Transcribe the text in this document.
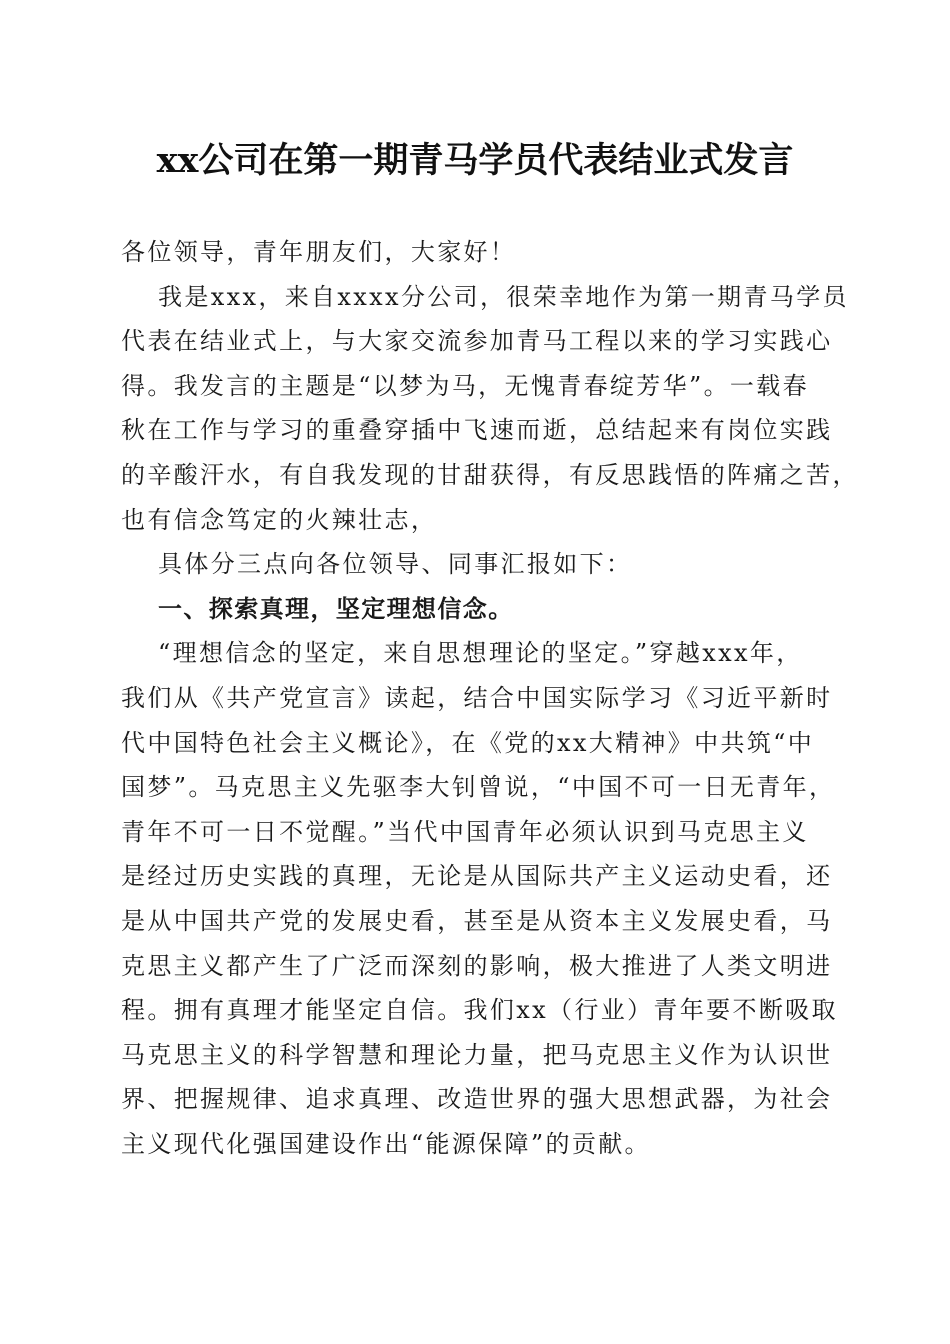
xx公司在第一期青马学员代表结业式发言
各位领导，青年朋友们，大家好！
我是xxx，来自xxxx分公司，很荣幸地作为第一期青马学员
代表在结业式上，与大家交流参加青马工程以来的学习实践心
得。我发言的主题是“以梦为马，无愧青春绽芳华”。一载春
秋在工作与学习的重叠穿插中飞速而逝，总结起来有岗位实践
的辛酸汗水，有自我发现的甘甜获得，有反思践悟的阵痛之苦，
也有信念笃定的火辣壮志，
具体分三点向各位领导、同事汇报如下：
一、探索真理，坚定理想信念。
“理想信念的坚定，来自思想理论的坚定。”穿越xxx年，
我们从《共产党宣言》读起，结合中国实际学习《习近平新时
代中国特色社会主义概论》，在《党的xx大精神》中共筑“中
国梦”。马克思主义先驱李大钊曾说，“中国不可一日无青年，
青年不可一日不觉醒。”当代中国青年必须认识到马克思主义
是经过历史实践的真理，无论是从国际共产主义运动史看，还
是从中国共产党的发展史看，甚至是从资本主义发展史看，马
克思主义都产生了广泛而深刻的影响，极大推进了人类文明进
程。拥有真理才能坚定自信。我们xx（行业）青年要不断吸取
马克思主义的科学智慧和理论力量，把马克思主义作为认识世
界、把握规律、追求真理、改造世界的强大思想武器，为社会
主义现代化强国建设作出“能源保障”的贡献。
